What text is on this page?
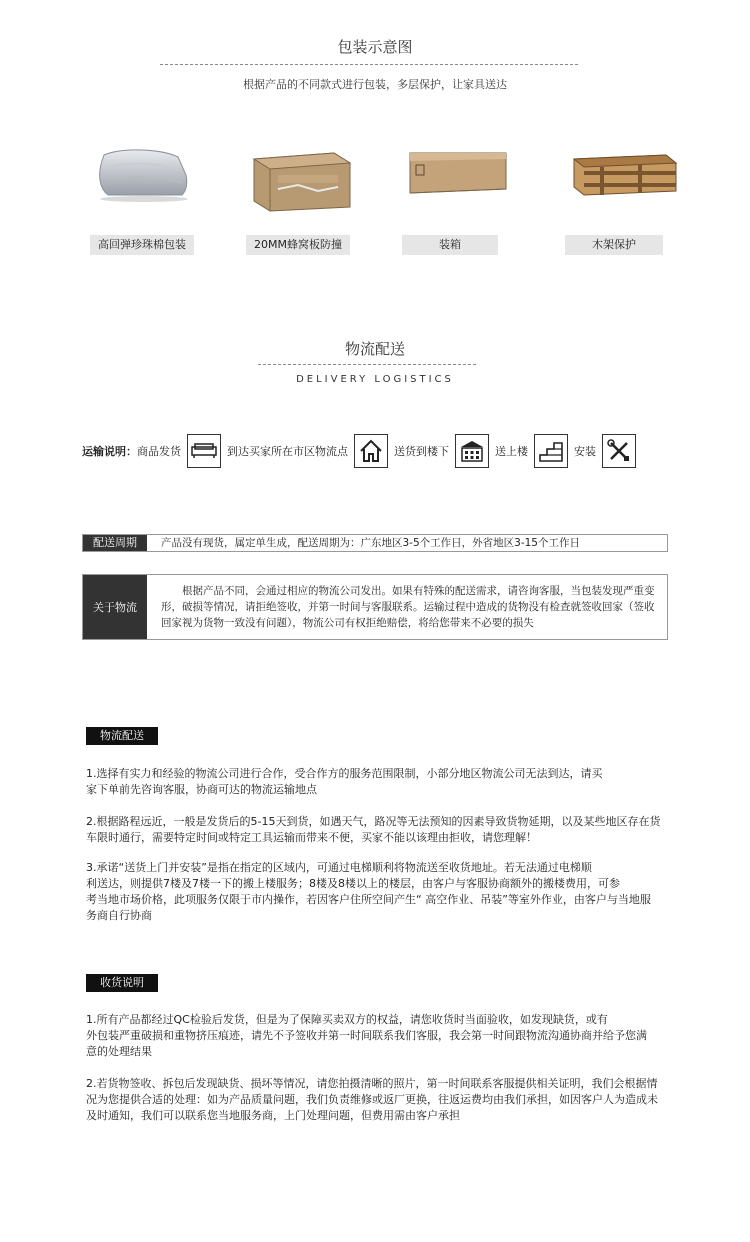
包装示意图
根据产品的不同款式进行包装，多层保护，让家具送达
高回弹珍珠棉包装	20MM蜂窝板防撞	装箱	木架保护
物流配送
DELIVERY LOGISTICS
运输说明： 商品发货	到达买家所在市区物流点	送货到楼下	送上楼	安装
配送周期	产品没有现货，属定单生成，配送周期为：广东地区3-5个工作日，外省地区3-15个工作日
关于物流
根据产品不同，会通过相应的物流公司发出。如果有特殊的配送需求，请咨询客服，当包装发现严重变形，破损等情况，请拒绝签收，并第一时间与客服联系。运输过程中造成的货物没有检查就签收回家（签收回家视为货物一致没有问题），物流公司有权拒绝赔偿，将给您带来不必要的损失
物流配送
1.选择有实力和经验的物流公司进行合作，受合作方的服务范围限制，小部分地区物流公司无法到达，请买
家下单前先咨询客服，协商可达的物流运输地点
2.根据路程远近，一般是发货后的5-15天到货，如遇天气，路况等无法预知的因素导致货物延期，以及某些地区存在货
车限时通行，需要特定时间或特定工具运输而带来不便，买家不能以该理由拒收，请您理解！
3.承诺“送货上门并安装”是指在指定的区域内，可通过电梯顺利将物流送至收货地址。若无法通过电梯顺
利送达，则提供7楼及7楼一下的搬上楼服务；8楼及8楼以上的楼层，由客户与客服协商额外的搬楼费用，可参
考当地市场价格，此项服务仅限于市内操作，若因客户住所空间产生“ 高空作业、吊装”等室外作业，由客户与当地服
务商自行协商
收货说明
1.所有产品都经过QC检验后发货，但是为了保障买卖双方的权益，请您收货时当面验收，如发现缺货，或有
外包装严重破损和重物挤压痕迹，请先不予签收并第一时间联系我们客服，我会第一时间跟物流沟通协商并给予您满
意的处理结果
2.若货物签收、拆包后发现缺货、损坏等情况，请您拍摄清晰的照片，第一时间联系客服提供相关证明，我们会根据情
况为您提供合适的处理：如为产品质量问题，我们负责维修或返厂更换，往返运费均由我们承担，如因客户人为造成未
及时通知，我们可以联系您当地服务商，上门处理问题，但费用需由客户承担
